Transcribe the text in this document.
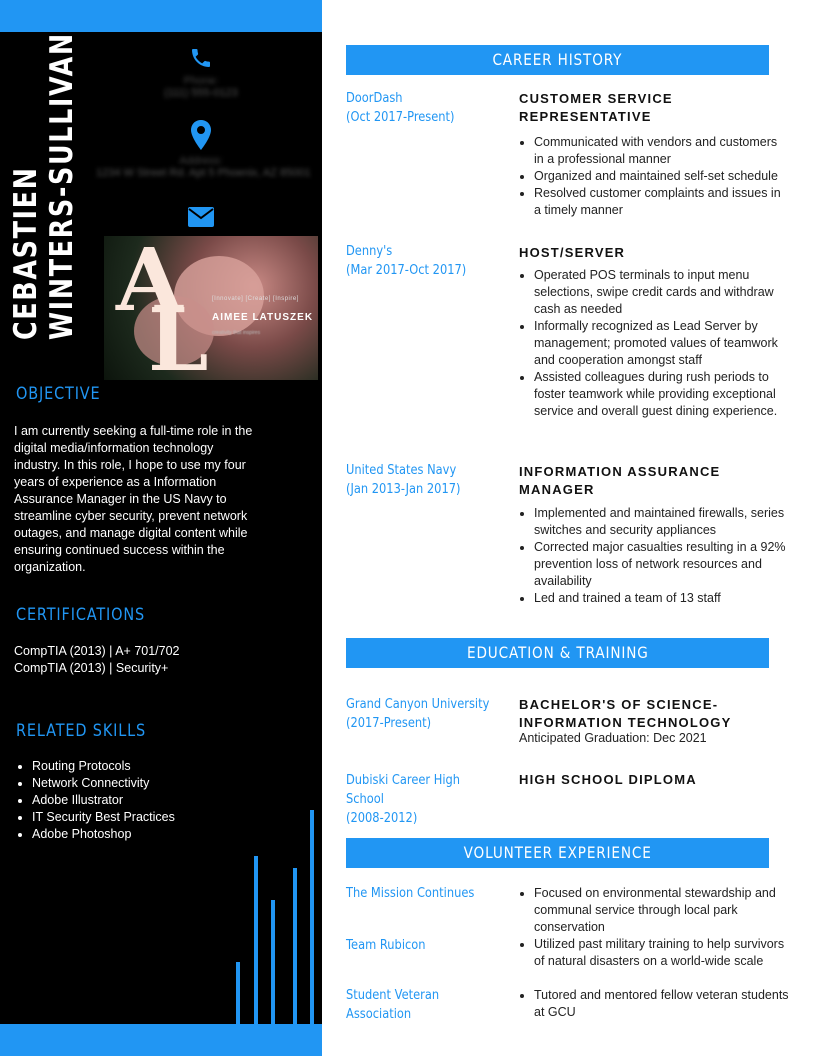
CEBASTIEN WINTERS-SULLIVAN	Phone:
(111) 555-0123
Address:
1234 W Street Rd. Apt 5 Phoenix, AZ 85001
A
L [Innovate] [Create] [Inspire]
AIMEE LATUSZEK
creativity that inspires
OBJECTIVE
I am currently seeking a full-time role in the digital media/information technology industry. In this role, I hope to use my four years of experience as a Information Assurance Manager in the US Navy to streamline cyber security, prevent network outages, and manage digital content while ensuring continued success within the organization.
CERTIFICATIONS
CompTIA (2013) | A+ 701/702
CompTIA (2013) | Security+
RELATED SKILLS
• Routing Protocols
• Network Connectivity
• Adobe Illustrator
• IT Security Best Practices
• Adobe Photoshop
CAREER HISTORY
DoorDash
(Oct 2017-Present)
CUSTOMER SERVICE REPRESENTATIVE
• Communicated with vendors and customers in a professional manner
• Organized and maintained self-set schedule
• Resolved customer complaints and issues in a timely manner
Denny's
(Mar 2017-Oct 2017)
HOST/SERVER
• Operated POS terminals to input menu selections, swipe credit cards and withdraw cash as needed
• Informally recognized as Lead Server by management; promoted values of teamwork and cooperation amongst staff
• Assisted colleagues during rush periods to foster teamwork while providing exceptional service and overall guest dining experience.
United States Navy
(Jan 2013-Jan 2017)
INFORMATION ASSURANCE MANAGER
• Implemented and maintained firewalls, series switches and security appliances
• Corrected major casualties resulting in a 92% prevention loss of network resources and availability
• Led and trained a team of 13 staff
EDUCATION & TRAINING
Grand Canyon University
(2017-Present)
BACHELOR'S OF SCIENCE- INFORMATION TECHNOLOGY
Anticipated Graduation: Dec 2021
Dubiski Career High School
(2008-2012)
HIGH SCHOOL DIPLOMA
VOLUNTEER EXPERIENCE
The Mission Continues	• Focused on environmental stewardship and communal service through local park conservation
Team Rubicon	• Utilized past military training to help survivors of natural disasters on a world-wide scale
Student Veteran Association
• Tutored and mentored fellow veteran students at GCU
